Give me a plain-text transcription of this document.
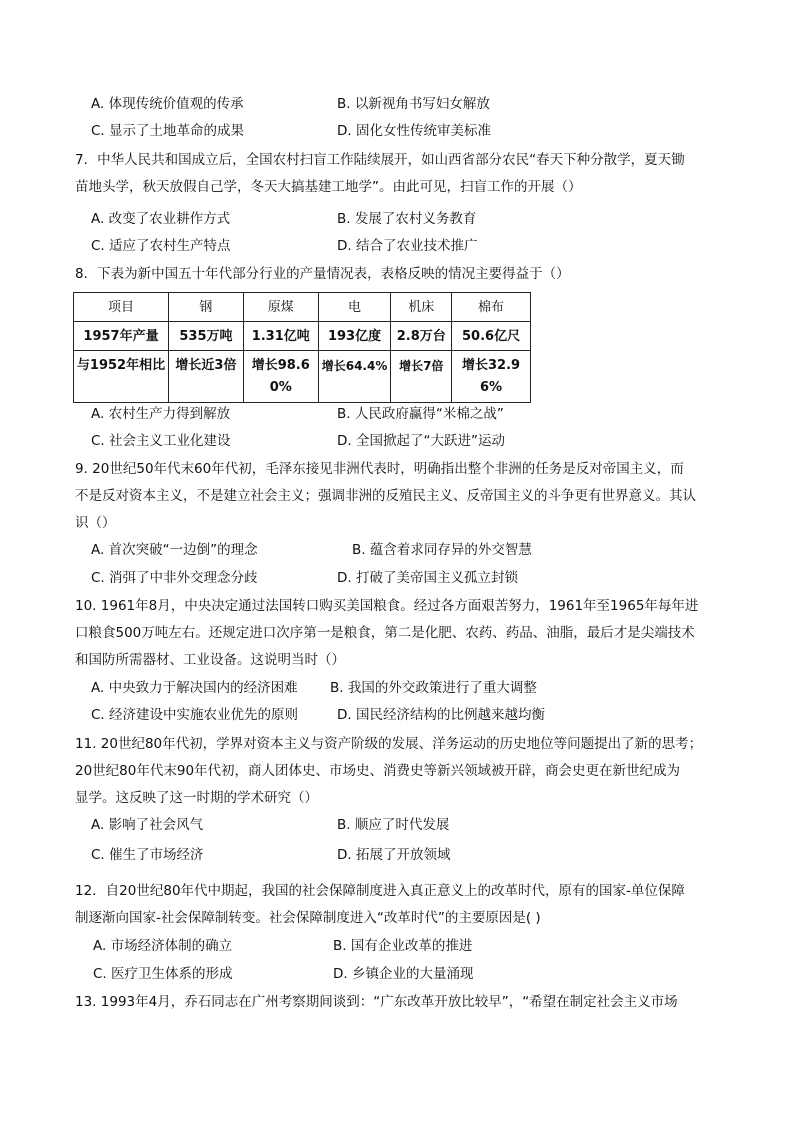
A. 体现传统价值观的传承	B. 以新视角书写妇女解放
C. 显示了土地革命的成果	D. 固化女性传统审美标准
7．中华人民共和国成立后，全国农村扫盲工作陆续展开，如山西省部分农民“春天下种分散学，夏天锄
苗地头学，秋天放假自己学，冬天大搞基建工地学”。由此可见，扫盲工作的开展（）
A. 改变了农业耕作方式	B. 发展了农村义务教育
C. 适应了农村生产特点	D. 结合了农业技术推广
8．下表为新中国五十年代部分行业的产量情况表，表格反映的情况主要得益于（）
项目	钢	原煤	电	机床	棉布
1957年产量	535万吨	1.31亿吨	193亿度	2.8万台	50.6亿尺
与1952年相比	增长近3倍	增长98.60%	增长64.4%	增长7倍	增长32.96%
A. 农村生产力得到解放	B. 人民政府赢得“米棉之战”
C. 社会主义工业化建设	D. 全国掀起了“大跃进”运动
9. 20世纪50年代末60年代初，毛泽东接见非洲代表时，明确指出整个非洲的任务是反对帝国主义，而
不是反对资本主义，不是建立社会主义；强调非洲的反殖民主义、反帝国主义的斗争更有世界意义。其认
识（）
A. 首次突破“一边倒”的理念	B. 蕴含着求同存异的外交智慧
C. 消弭了中非外交理念分歧	D. 打破了美帝国主义孤立封锁
10. 1961年8月，中央决定通过法国转口购买美国粮食。经过各方面艰苦努力，1961年至1965年每年进
口粮食500万吨左右。还规定进口次序第一是粮食，第二是化肥、农药、药品、油脂，最后才是尖端技术
和国防所需器材、工业设备。这说明当时（）
A. 中央致力于解决国内的经济困难 B. 我国的外交政策进行了重大调整
C. 经济建设中实施农业优先的原则	D. 国民经济结构的比例越来越均衡
11. 20世纪80年代初，学界对资本主义与资产阶级的发展、洋务运动的历史地位等问题提出了新的思考；
20世纪80年代末90年代初，商人团体史、市场史、消费史等新兴领域被开辟，商会史更在新世纪成为
显学。这反映了这一时期的学术研究（）
A. 影响了社会风气	B. 顺应了时代发展
C. 催生了市场经济	D. 拓展了开放领域
12．自20世纪80年代中期起，我国的社会保障制度进入真正意义上的改革时代，原有的国家-单位保障
制逐渐向国家-社会保障制转变。社会保障制度进入“改革时代”的主要原因是( )
A. 市场经济体制的确立	B. 国有企业改革的推进
C. 医疗卫生体系的形成	D. 乡镇企业的大量涌现
13. 1993年4月，乔石同志在广州考察期间谈到：“广东改革开放比较早”，“希望在制定社会主义市场
